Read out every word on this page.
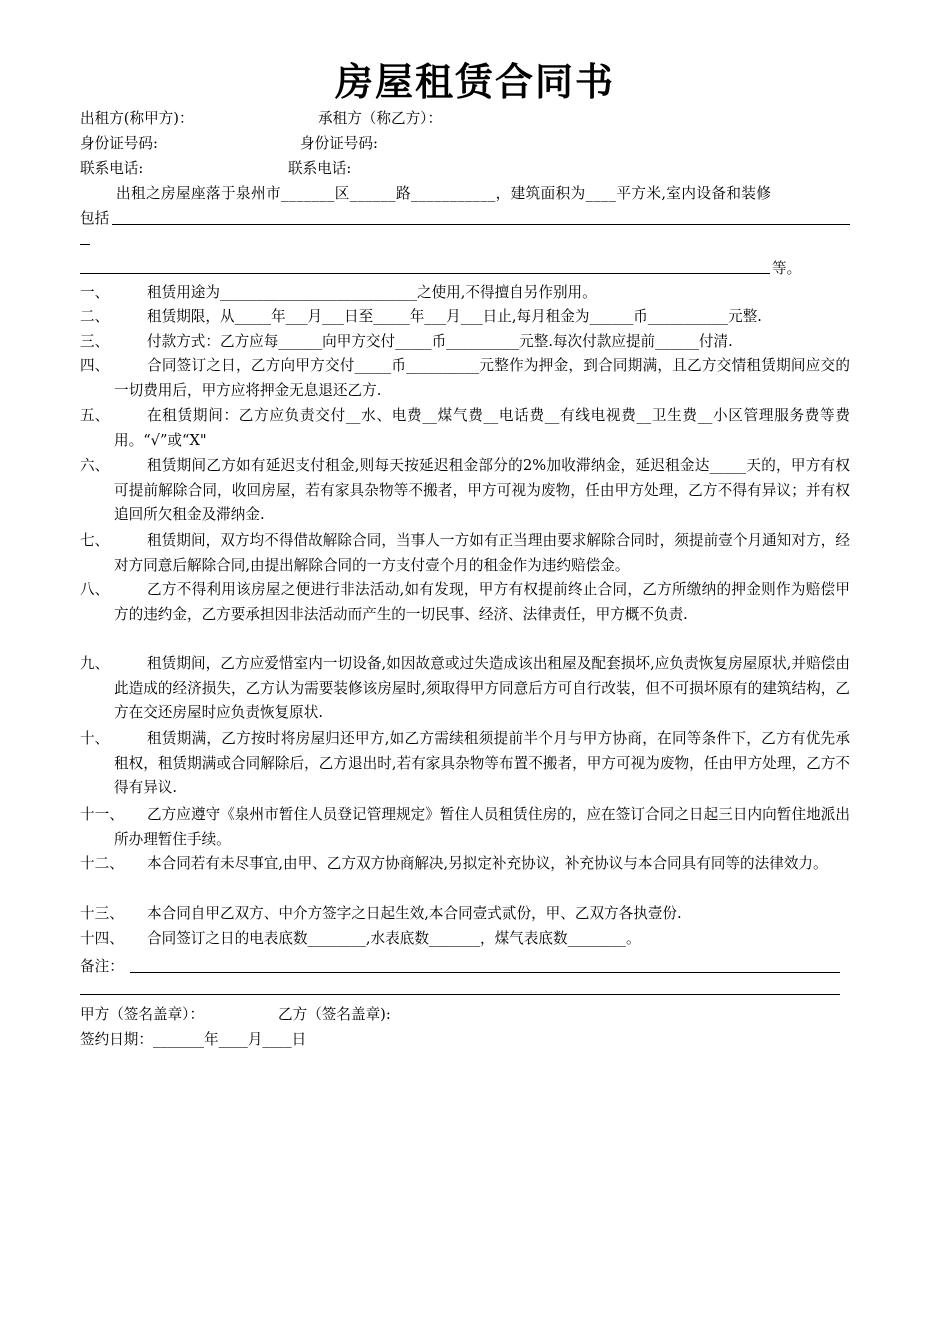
房屋租赁合同书
出租方(称甲方)：	承租方（称乙方）：
身份证号码:	身份证号码:
联系电话:	联系电话:
出租之房屋座落于泉州市_______区______路___________，建筑面积为____平方米,室内设备和装修
包括
等。
一、	租赁用途为___________________________之使用,不得擅自另作别用。
二、	租赁期限，从_____年___月___日至_____年___月___日止,每月租金为______币___________元整.
三、	付款方式：乙方应每______向甲方交付_____币__________元整.每次付款应提前______付清.
四、	合同签订之日，乙方向甲方交付_____币__________元整作为押金，到合同期满，且乙方交情租赁期间应交的一切费用后，甲方应将押金无息退还乙方.
五、	在租赁期间：乙方应负责交付__水、电费__煤气费__电话费__有线电视费__卫生费__小区管理服务费等费用。“√”或“X"
六、	租赁期间乙方如有延迟支付租金,则每天按延迟租金部分的2%加收滞纳金，延迟租金达_____天的，甲方有权可提前解除合同，收回房屋，若有家具杂物等不搬者，甲方可视为废物，任由甲方处理，乙方不得有异议；并有权追回所欠租金及滞纳金.
七、	租赁期间，双方均不得借故解除合同，当事人一方如有正当理由要求解除合同时，须提前壹个月通知对方，经对方同意后解除合同,由提出解除合同的一方支付壹个月的租金作为违约赔偿金。
八、	乙方不得利用该房屋之便进行非法活动,如有发现，甲方有权提前终止合同，乙方所缴纳的押金则作为赔偿甲方的违约金，乙方要承担因非法活动而产生的一切民事、经济、法律责任，甲方概不负责.
九、	租赁期间，乙方应爱惜室内一切设备,如因故意或过失造成该出租屋及配套损坏,应负责恢复房屋原状,并赔偿由此造成的经济损失，乙方认为需要装修该房屋时,须取得甲方同意后方可自行改装，但不可损坏原有的建筑结构，乙方在交还房屋时应负责恢复原状.
十、	租赁期满，乙方按时将房屋归还甲方,如乙方需续租须提前半个月与甲方协商，在同等条件下，乙方有优先承租权，租赁期满或合同解除后，乙方退出时,若有家具杂物等布置不搬者，甲方可视为废物，任由甲方处理，乙方不得有异议.
十一、	乙方应遵守《泉州市暂住人员登记管理规定》暂住人员租赁住房的，应在签订合同之日起三日内向暂住地派出所办理暂住手续。
十二、	本合同若有未尽事宜,由甲、乙方双方协商解决,另拟定补充协议，补充协议与本合同具有同等的法律效力。
十三、	本合同自甲乙双方、中介方签字之日起生效,本合同壹式贰份，甲、乙双方各执壹份.
十四、	合同签订之日的电表底数________,水表底数_______，煤气表底数________。
备注：
甲方（签名盖章）：	乙方（签名盖章):
签约日期：_______年____月____日
